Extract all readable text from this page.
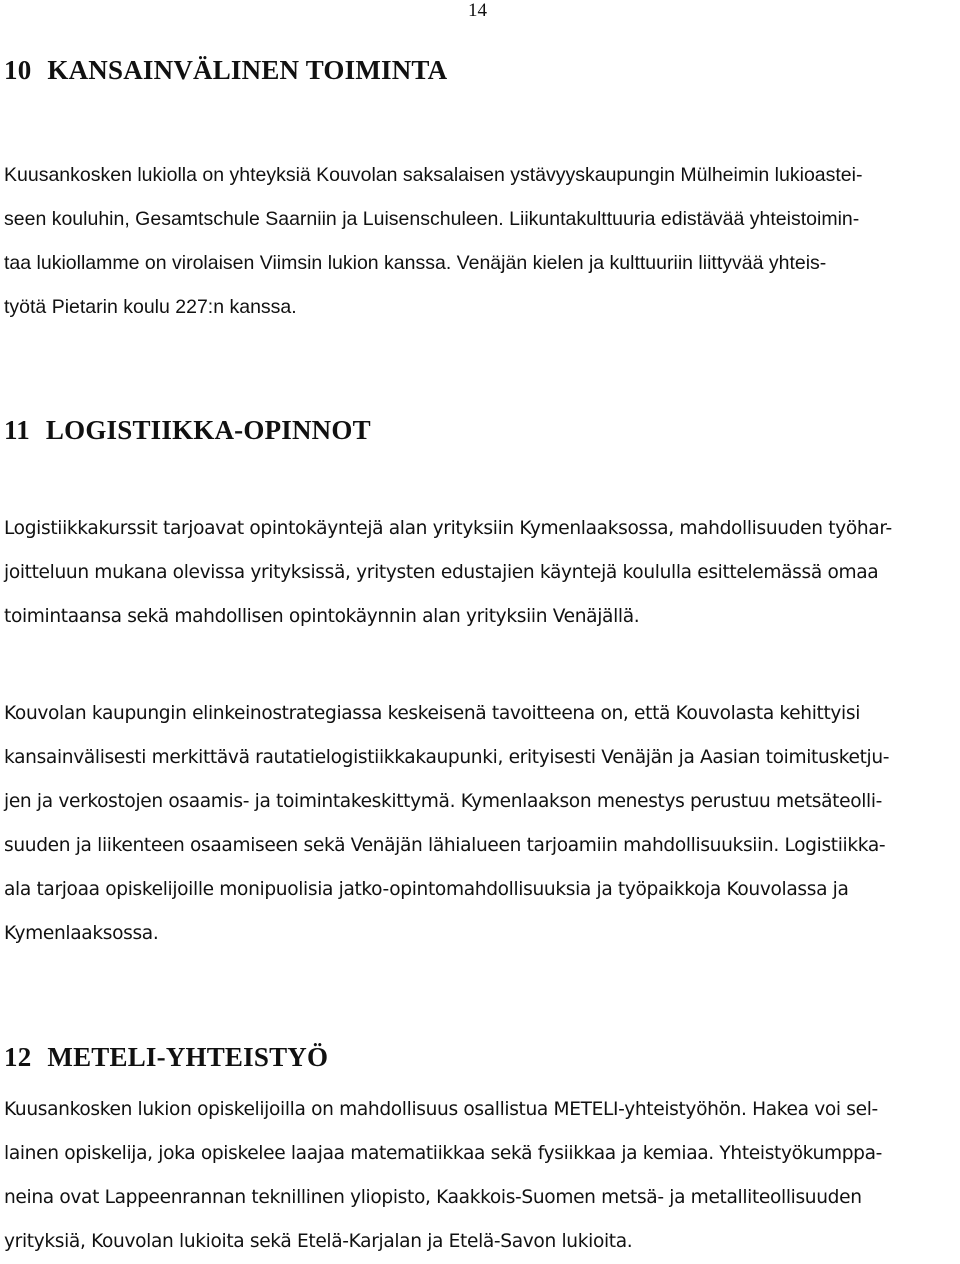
14
10 KANSAINVÄLINEN TOIMINTA
Kuusankosken lukiolla on yhteyksiä Kouvolan saksalaisen ystävyyskaupungin Mülheimin lukioastei-
seen kouluhin, Gesamtschule Saarniin ja Luisenschuleen. Liikuntakulttuuria edistävää yhteistoimin-
taa lukiollamme on virolaisen Viimsin lukion kanssa. Venäjän kielen ja kulttuuriin liittyvää yhteis-
työtä Pietarin koulu 227:n kanssa.
11 LOGISTIIKKA-OPINNOT
Logistiikkakurssit tarjoavat opintokäyntejä alan yrityksiin Kymenlaaksossa, mahdollisuuden työhar-
joitteluun mukana olevissa yrityksissä, yritysten edustajien käyntejä koululla esittelemässä omaa
toimintaansa sekä mahdollisen opintokäynnin alan yrityksiin Venäjällä.
Kouvolan kaupungin elinkeinostrategiassa keskeisenä tavoitteena on, että Kouvolasta kehittyisi
kansainvälisesti merkittävä rautatielogistiikkakaupunki, erityisesti Venäjän ja Aasian toimitusketju-
jen ja verkostojen osaamis- ja toimintakeskittymä. Kymenlaakson menestys perustuu metsäteolli-
suuden ja liikenteen osaamiseen sekä Venäjän lähialueen tarjoamiin mahdollisuuksiin. Logistiikka-
ala tarjoaa opiskelijoille monipuolisia jatko-opintomahdollisuuksia ja työpaikkoja Kouvolassa ja
Kymenlaaksossa.
12 METELI-YHTEISTYÖ
Kuusankosken lukion opiskelijoilla on mahdollisuus osallistua METELI-yhteistyöhön. Hakea voi sel-
lainen opiskelija, joka opiskelee laajaa matematiikkaa sekä fysiikkaa ja kemiaa. Yhteistyökumppa-
neina ovat Lappeenrannan teknillinen yliopisto, Kaakkois-Suomen metsä- ja metalliteollisuuden
yrityksiä, Kouvolan lukioita sekä Etelä-Karjalan ja Etelä-Savon lukioita.
